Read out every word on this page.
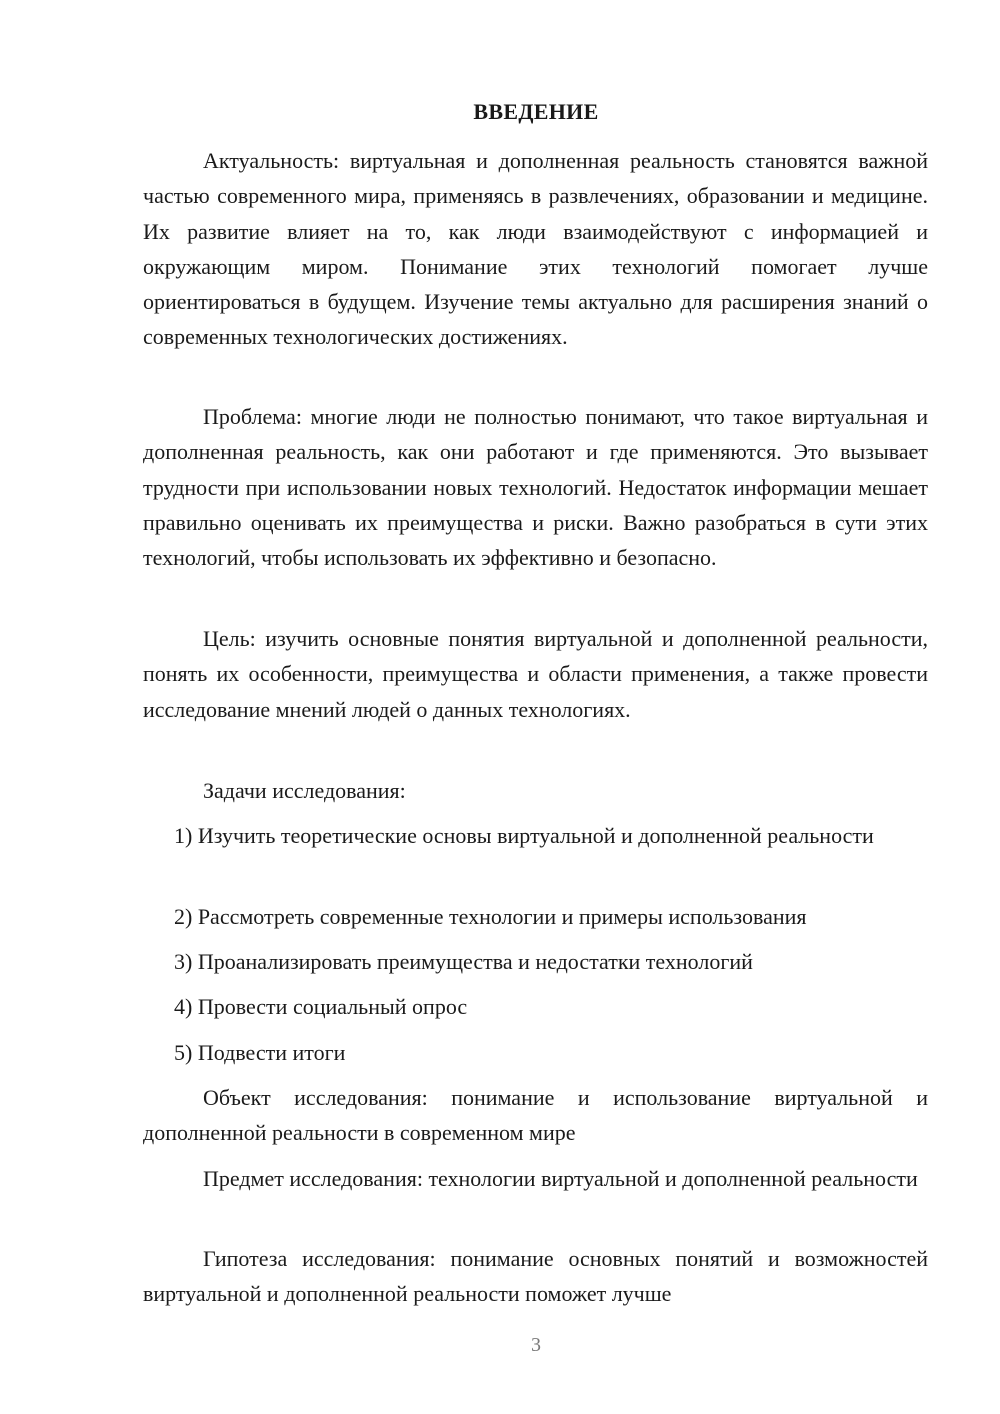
ВВЕДЕНИЕ

Актуальность: виртуальная и дополненная реальность становятся важной частью современного мира, применяясь в развлечениях, образовании и медицине. Их развитие влияет на то, как люди взаимодействуют с информацией и окружающим миром. Понимание этих технологий помогает лучше ориентироваться в будущем. Изучение темы актуально для расширения знаний о современных технологических достижениях.

Проблема: многие люди не полностью понимают, что такое виртуальная и дополненная реальность, как они работают и где применяются. Это вызывает трудности при использовании новых технологий. Недостаток информации мешает правильно оценивать их преимущества и риски. Важно разобраться в сути этих технологий, чтобы использовать их эффективно и безопасно.

Цель: изучить основные понятия виртуальной и дополненной реальности, понять их особенности, преимущества и области применения, а также провести исследование мнений людей о данных технологиях.

Задачи исследования:

1) Изучить теоретические основы виртуальной и дополненной реальности

2) Рассмотреть современные технологии и примеры использования

3) Проанализировать преимущества и недостатки технологий

4) Провести социальный опрос

5) Подвести итоги

Объект исследования: понимание и использование виртуальной и дополненной реальности в современном мире

Предмет исследования: технологии виртуальной и дополненной реальности

Гипотеза исследования: понимание основных понятий и возможностей виртуальной и дополненной реальности поможет лучше

3
